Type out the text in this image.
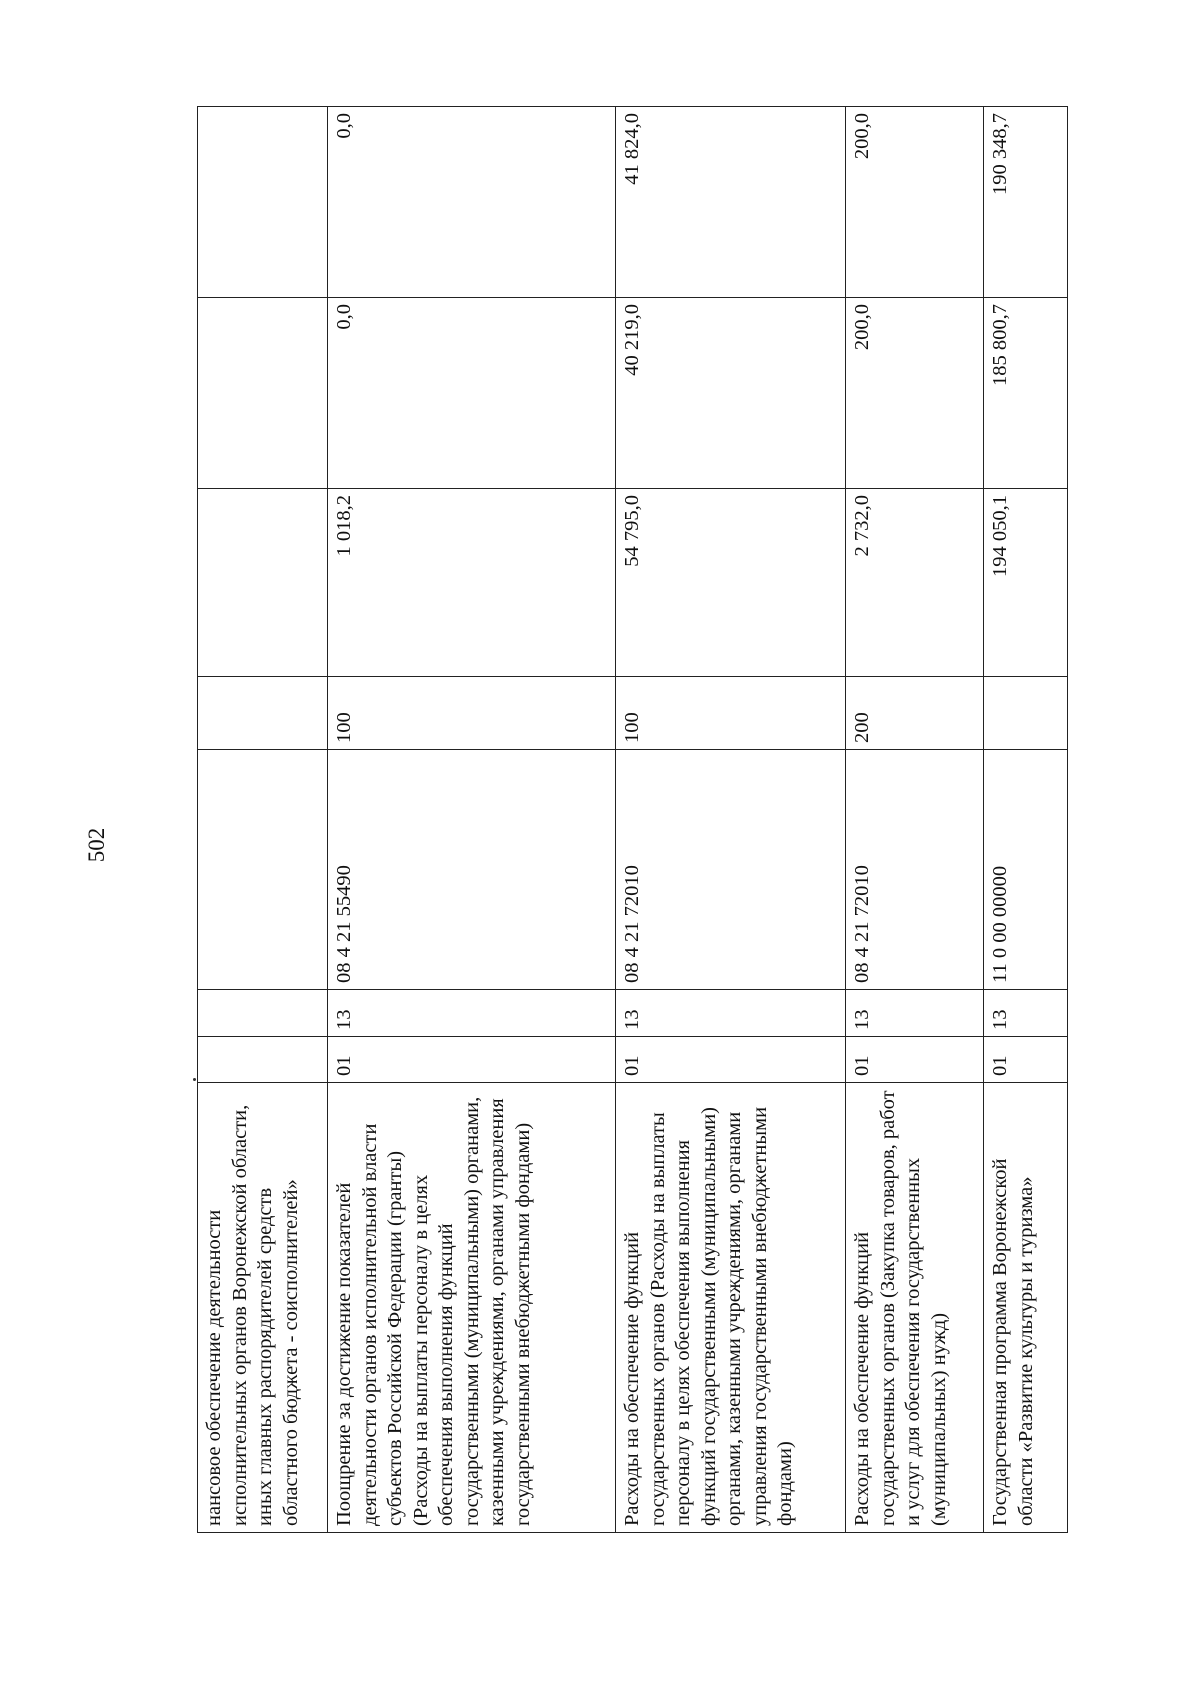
502
нансовое обеспечение деятельности исполнительных органов Воронежской области, иных главных распорядителей средств областного бюджета - соисполнителей»							
Поощрение за достижение показателей деятельности органов исполнительной власти субъектов Российской Федерации (гранты) (Расходы на выплаты персоналу в целях обеспечения выполнения функций государственными (муниципальными) органами, казенными учреждениями, органами управления государственными внебюджетными фондами)	01	13	08 4 21 55490	100	1 018,2	0,0	0,0
Расходы на обеспечение функций государственных органов (Расходы на выплаты персоналу в целях обеспечения выполнения функций государственными (муниципальными) органами, казенными учреждениями, органами управления государственными внебюджетными фондами)	01	13	08 4 21 72010	100	54 795,0	40 219,0	41 824,0
Расходы на обеспечение функций государственных органов (Закупка товаров, работ и услуг для обеспечения государственных (муниципальных) нужд)	01	13	08 4 21 72010	200	2 732,0	200,0	200,0
Государственная программа Воронежской области «Развитие культуры и туризма»	01	13	11 0 00 00000		194 050,1	185 800,7	190 348,7
